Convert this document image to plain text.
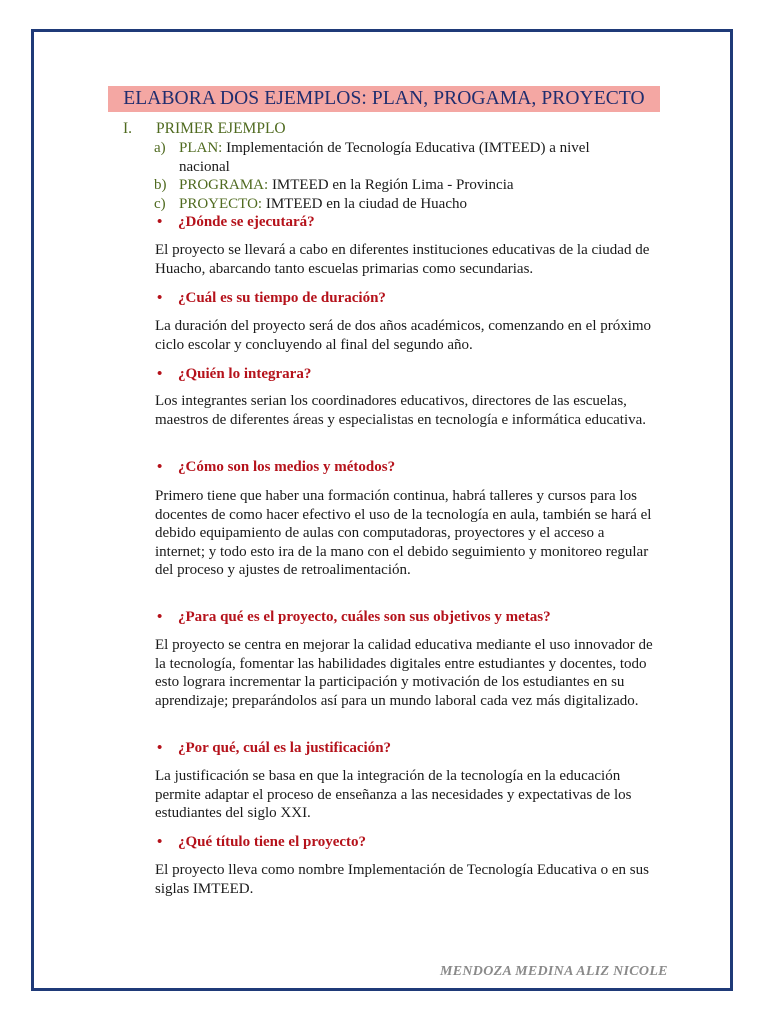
ELABORA DOS EJEMPLOS: PLAN, PROGAMA, PROYECTO
I. PRIMER EJEMPLO
a) PLAN: Implementación de Tecnología Educativa (IMTEED) a nivel nacional
b) PROGRAMA: IMTEED en la Región Lima - Provincia
c) PROYECTO: IMTEED en la ciudad de Huacho
• ¿Dónde se ejecutará?
El proyecto se llevará a cabo en diferentes instituciones educativas de la ciudad de Huacho, abarcando tanto escuelas primarias como secundarias.
• ¿Cuál es su tiempo de duración?
La duración del proyecto será de dos años académicos, comenzando en el próximo ciclo escolar y concluyendo al final del segundo año.
• ¿Quién lo integrara?
Los integrantes serian los coordinadores educativos, directores de las escuelas, maestros de diferentes áreas y especialistas en tecnología e informática educativa.
• ¿Cómo son los medios y métodos?
Primero tiene que haber una formación continua, habrá talleres y cursos para los docentes de como hacer efectivo el uso de la tecnología en aula, también se hará el debido equipamiento de aulas con computadoras, proyectores y el acceso a internet; y todo esto ira de la mano con el debido seguimiento y monitoreo regular del proceso y ajustes de retroalimentación.
• ¿Para qué es el proyecto, cuáles son sus objetivos y metas?
El proyecto se centra en mejorar la calidad educativa mediante el uso innovador de la tecnología, fomentar las habilidades digitales entre estudiantes y docentes, todo esto lograra incrementar la participación y motivación de los estudiantes en su aprendizaje; preparándolos así para un mundo laboral cada vez más digitalizado.
• ¿Por qué, cuál es la justificación?
La justificación se basa en que la integración de la tecnología en la educación permite adaptar el proceso de enseñanza a las necesidades y expectativas de los estudiantes del siglo XXI.
• ¿Qué título tiene el proyecto?
El proyecto lleva como nombre Implementación de Tecnología Educativa o en sus siglas IMTEED.
MENDOZA MEDINA ALIZ NICOLE
